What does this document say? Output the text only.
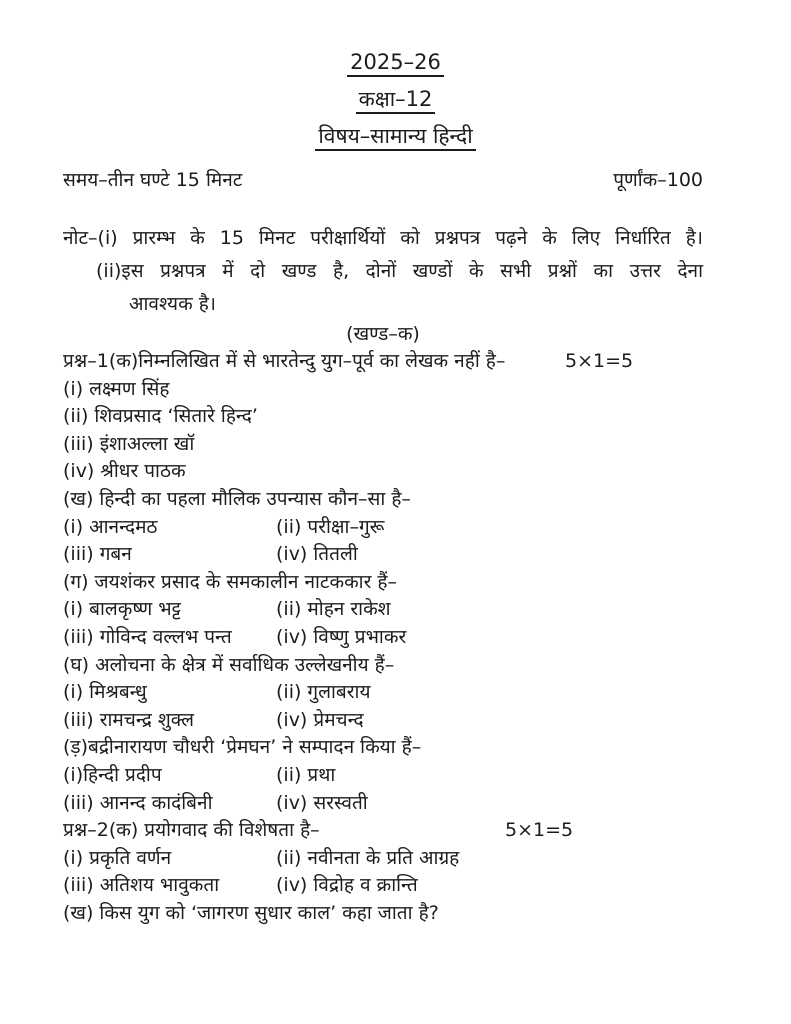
2025–26
कक्षा–12
विषय–सामान्य हिन्दी
समय–तीन घण्टे 15 मिनट	पूर्णांक–100
नोट–(i) प्रारम्भ के 15 मिनट परीक्षार्थियों को प्रश्नपत्र पढ़ने के लिए निर्धारित है।
(ii)इस प्रश्नपत्र में दो खण्ड है, दोनों खण्डों के सभी प्रश्नों का उत्तर देना
आवश्यक है।
(खण्ड–क)
प्रश्न–1(क)निम्नलिखित में से भारतेन्दु युग–पूर्व का लेखक नहीं है–	5×1=5
(i) लक्ष्मण सिंह
(ii) शिवप्रसाद ‘सितारे हिन्द’
(iii) इंशाअल्ला खॉ
(iv) श्रीधर पाठक
(ख) हिन्दी का पहला मौलिक उपन्यास कौन–सा है–
(i) आनन्दमठ	(ii) परीक्षा–गुरू
(iii) गबन	(iv) तितली
(ग) जयशंकर प्रसाद के समकालीन नाटककार हैं–
(i) बालकृष्ण भट्ट	(ii) मोहन राकेश
(iii) गोविन्द वल्लभ पन्त	(iv) विष्णु प्रभाकर
(घ) अलोचना के क्षेत्र में सर्वाधिक उल्लेखनीय हैं–
(i) मिश्रबन्धु	(ii) गुलाबराय
(iii) रामचन्द्र शुक्ल	(iv) प्रेमचन्द
(ड़)बद्रीनारायण चौधरी ‘प्रेमघन’ ने सम्पादन किया हैं–
(i)हिन्दी प्रदीप	(ii) प्रथा
(iii) आनन्द कादंबिनी	(iv) सरस्वती
प्रश्न–2(क) प्रयोगवाद की विशेषता है–	5×1=5
(i) प्रकृति वर्णन	(ii) नवीनता के प्रति आग्रह
(iii) अतिशय भावुकता	(iv) विद्रोह व क्रान्ति
(ख) किस युग को ‘जागरण सुधार काल’ कहा जाता है?
